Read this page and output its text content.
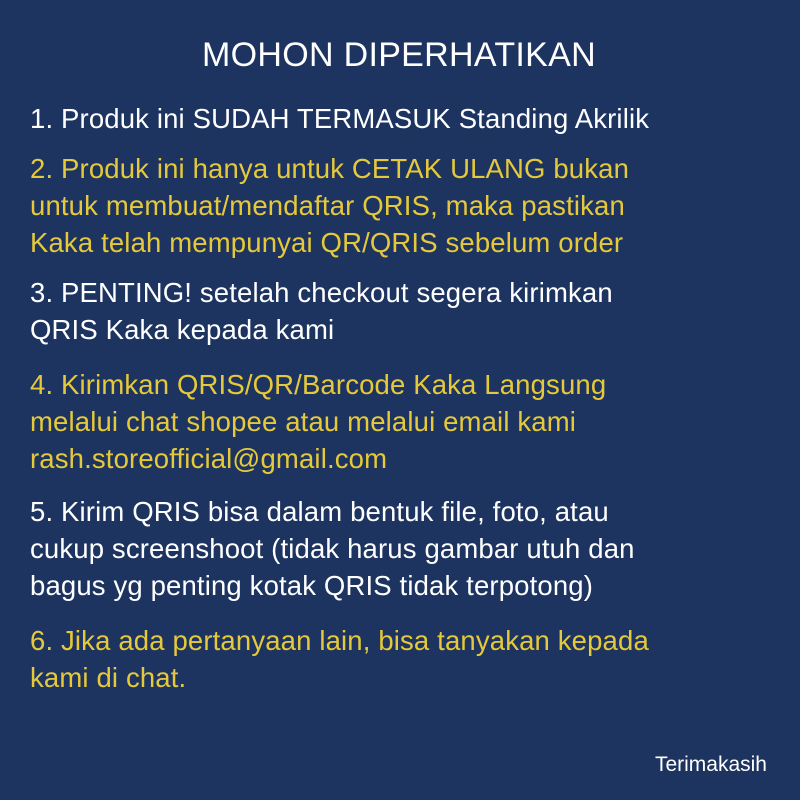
MOHON DIPERHATIKAN
1. Produk ini SUDAH TERMASUK Standing Akrilik
2. Produk ini hanya untuk CETAK ULANG bukan
untuk membuat/mendaftar QRIS, maka pastikan
Kaka telah mempunyai QR/QRIS sebelum order
3. PENTING! setelah checkout segera kirimkan
QRIS Kaka kepada kami
4. Kirimkan QRIS/QR/Barcode Kaka Langsung
melalui chat shopee atau melalui email kami
rash.storeofficial@gmail.com
5. Kirim QRIS bisa dalam bentuk file, foto, atau
cukup screenshoot (tidak harus gambar utuh dan
bagus yg penting kotak QRIS tidak terpotong)
6. Jika ada pertanyaan lain, bisa tanyakan kepada
kami di chat.
Terimakasih
